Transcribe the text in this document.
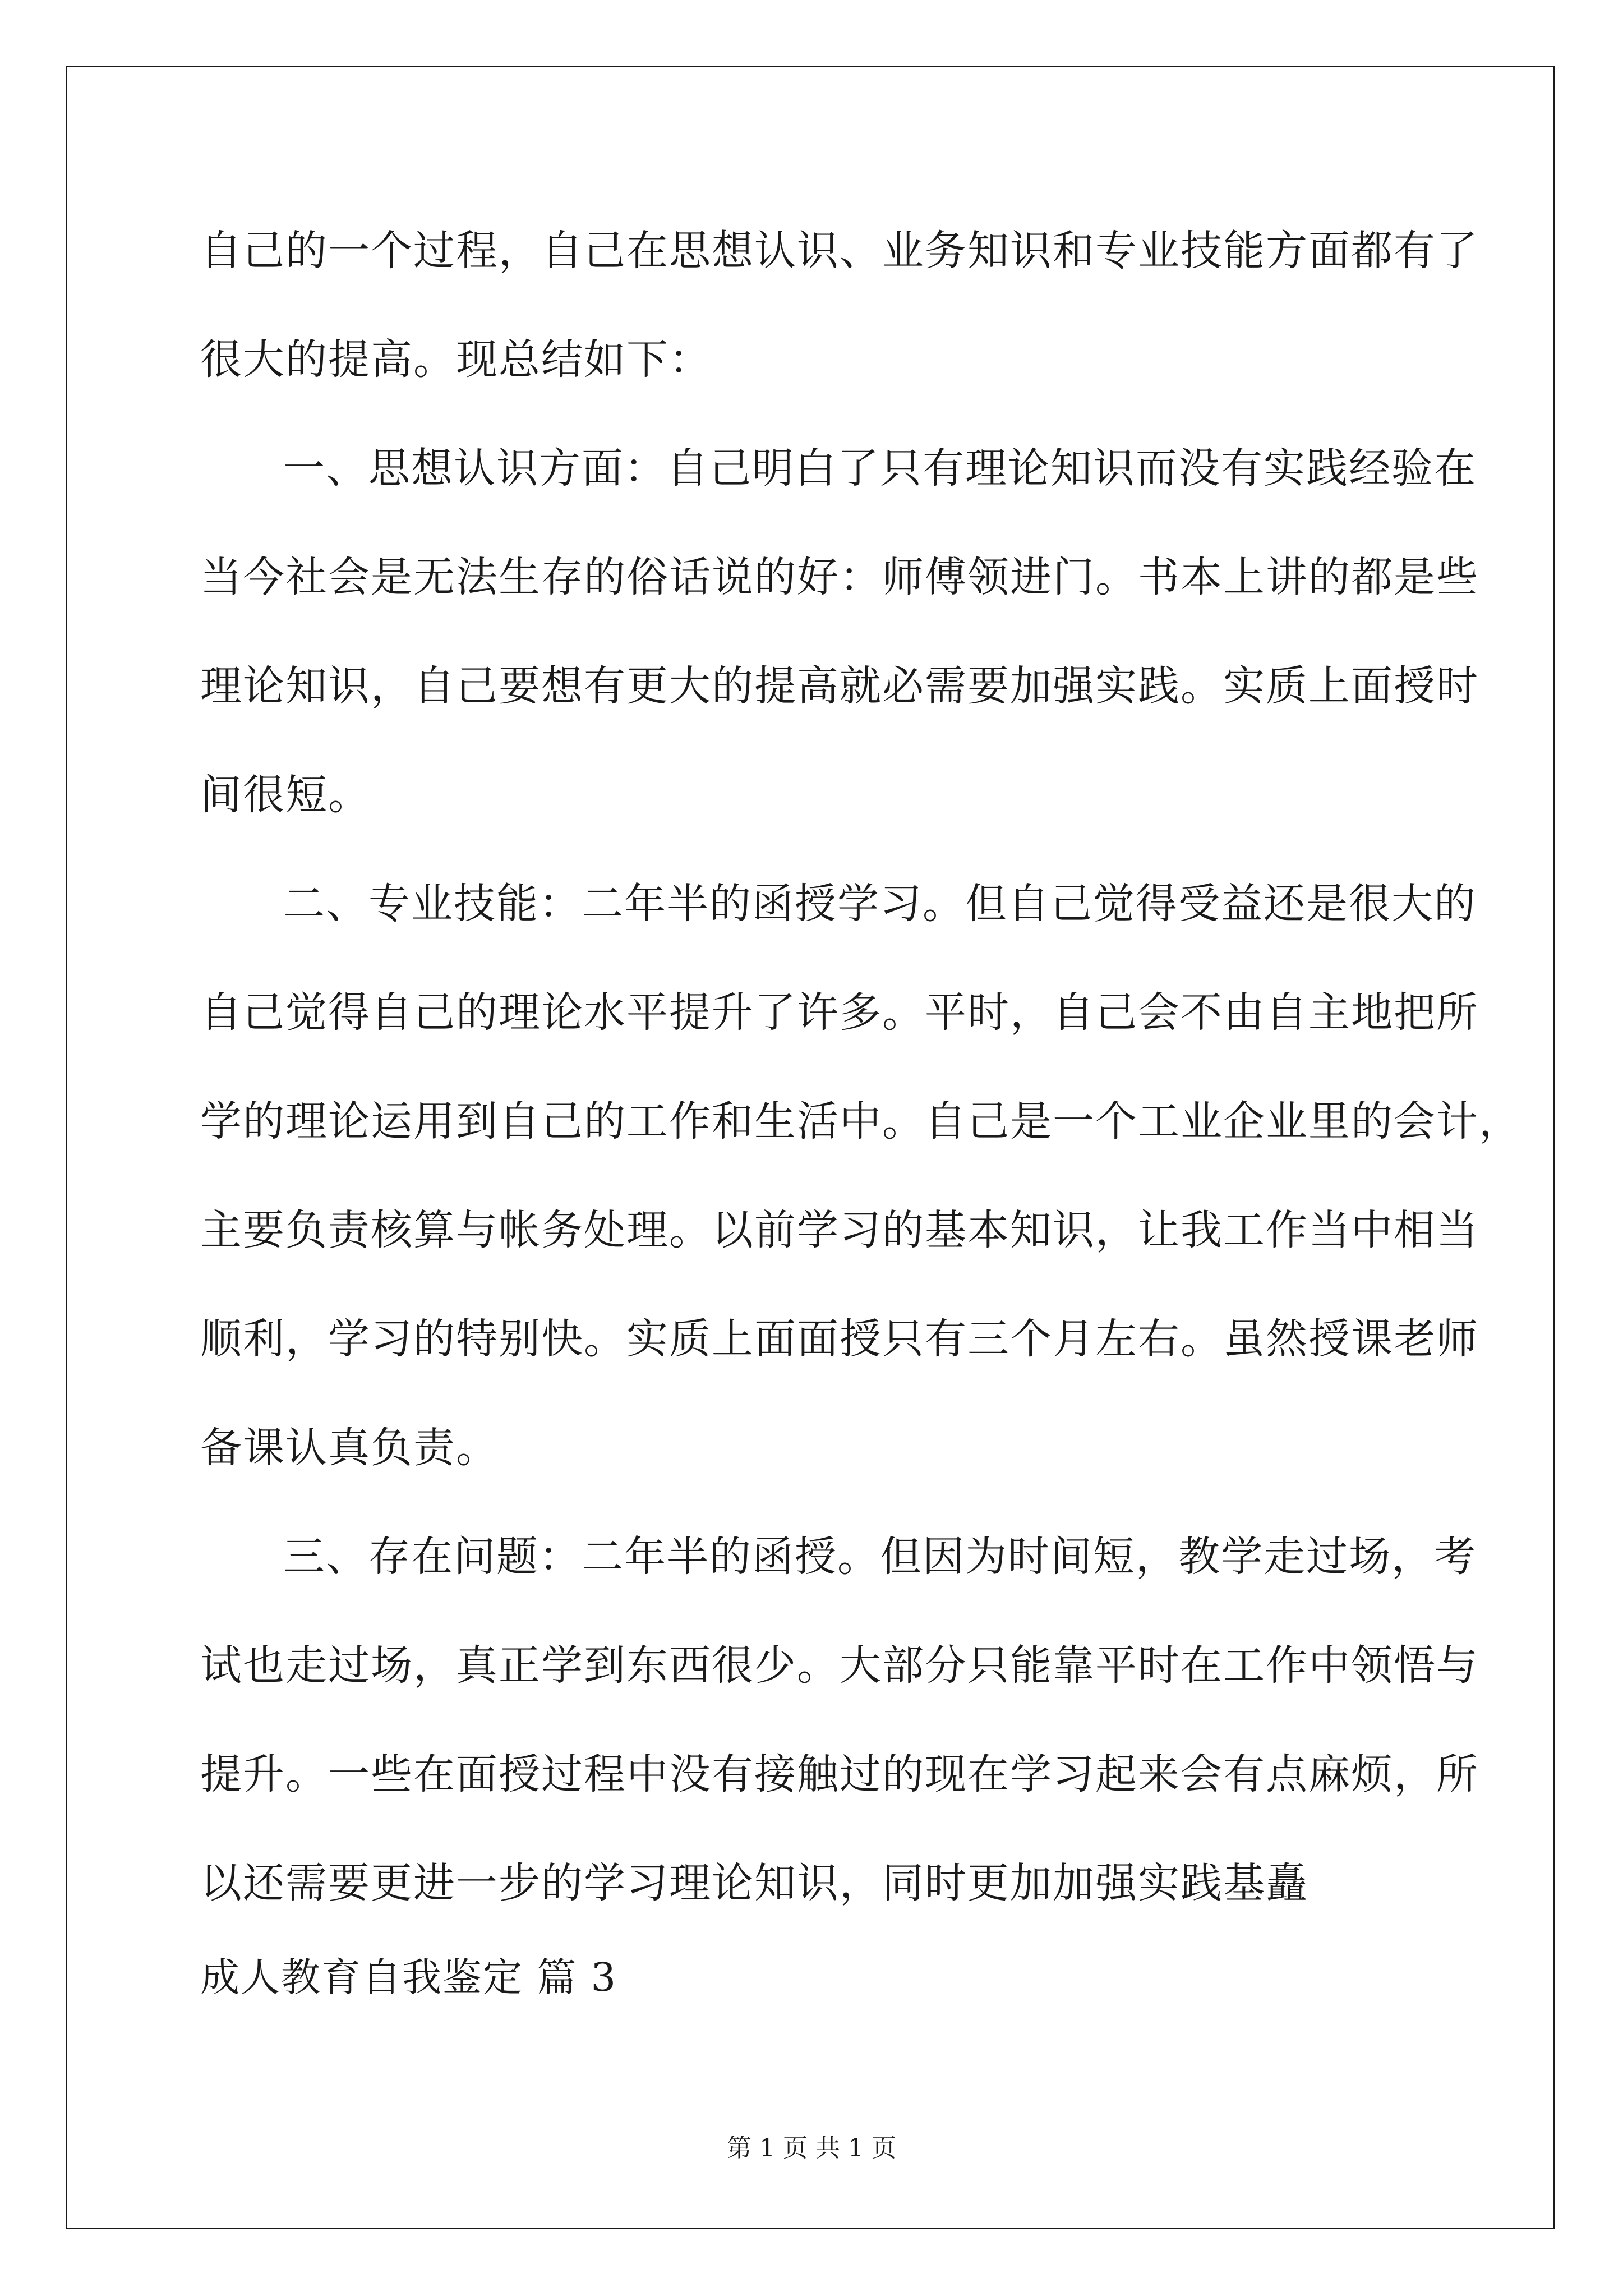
自己的一个过程，自己在思想认识、业务知识和专业技能方面都有了
很大的提高。现总结如下：
一、思想认识方面：自己明白了只有理论知识而没有实践经验在
当今社会是无法生存的俗话说的好：师傅领进门。书本上讲的都是些
理论知识，自己要想有更大的提高就必需要加强实践。实质上面授时
间很短。
二、专业技能：二年半的函授学习。但自己觉得受益还是很大的
自己觉得自己的理论水平提升了许多。平时，自己会不由自主地把所
学的理论运用到自己的工作和生活中。自己是一个工业企业里的会计，
主要负责核算与帐务处理。以前学习的基本知识，让我工作当中相当
顺利，学习的特别快。实质上面面授只有三个月左右。虽然授课老师
备课认真负责。
三、存在问题：二年半的函授。但因为时间短，教学走过场，考
试也走过场，真正学到东西很少。大部分只能靠平时在工作中领悟与
提升。一些在面授过程中没有接触过的现在学习起来会有点麻烦，所
以还需要更进一步的学习理论知识，同时更加加强实践基矗
成人教育自我鉴定 篇 3
第 1 页 共 1 页
